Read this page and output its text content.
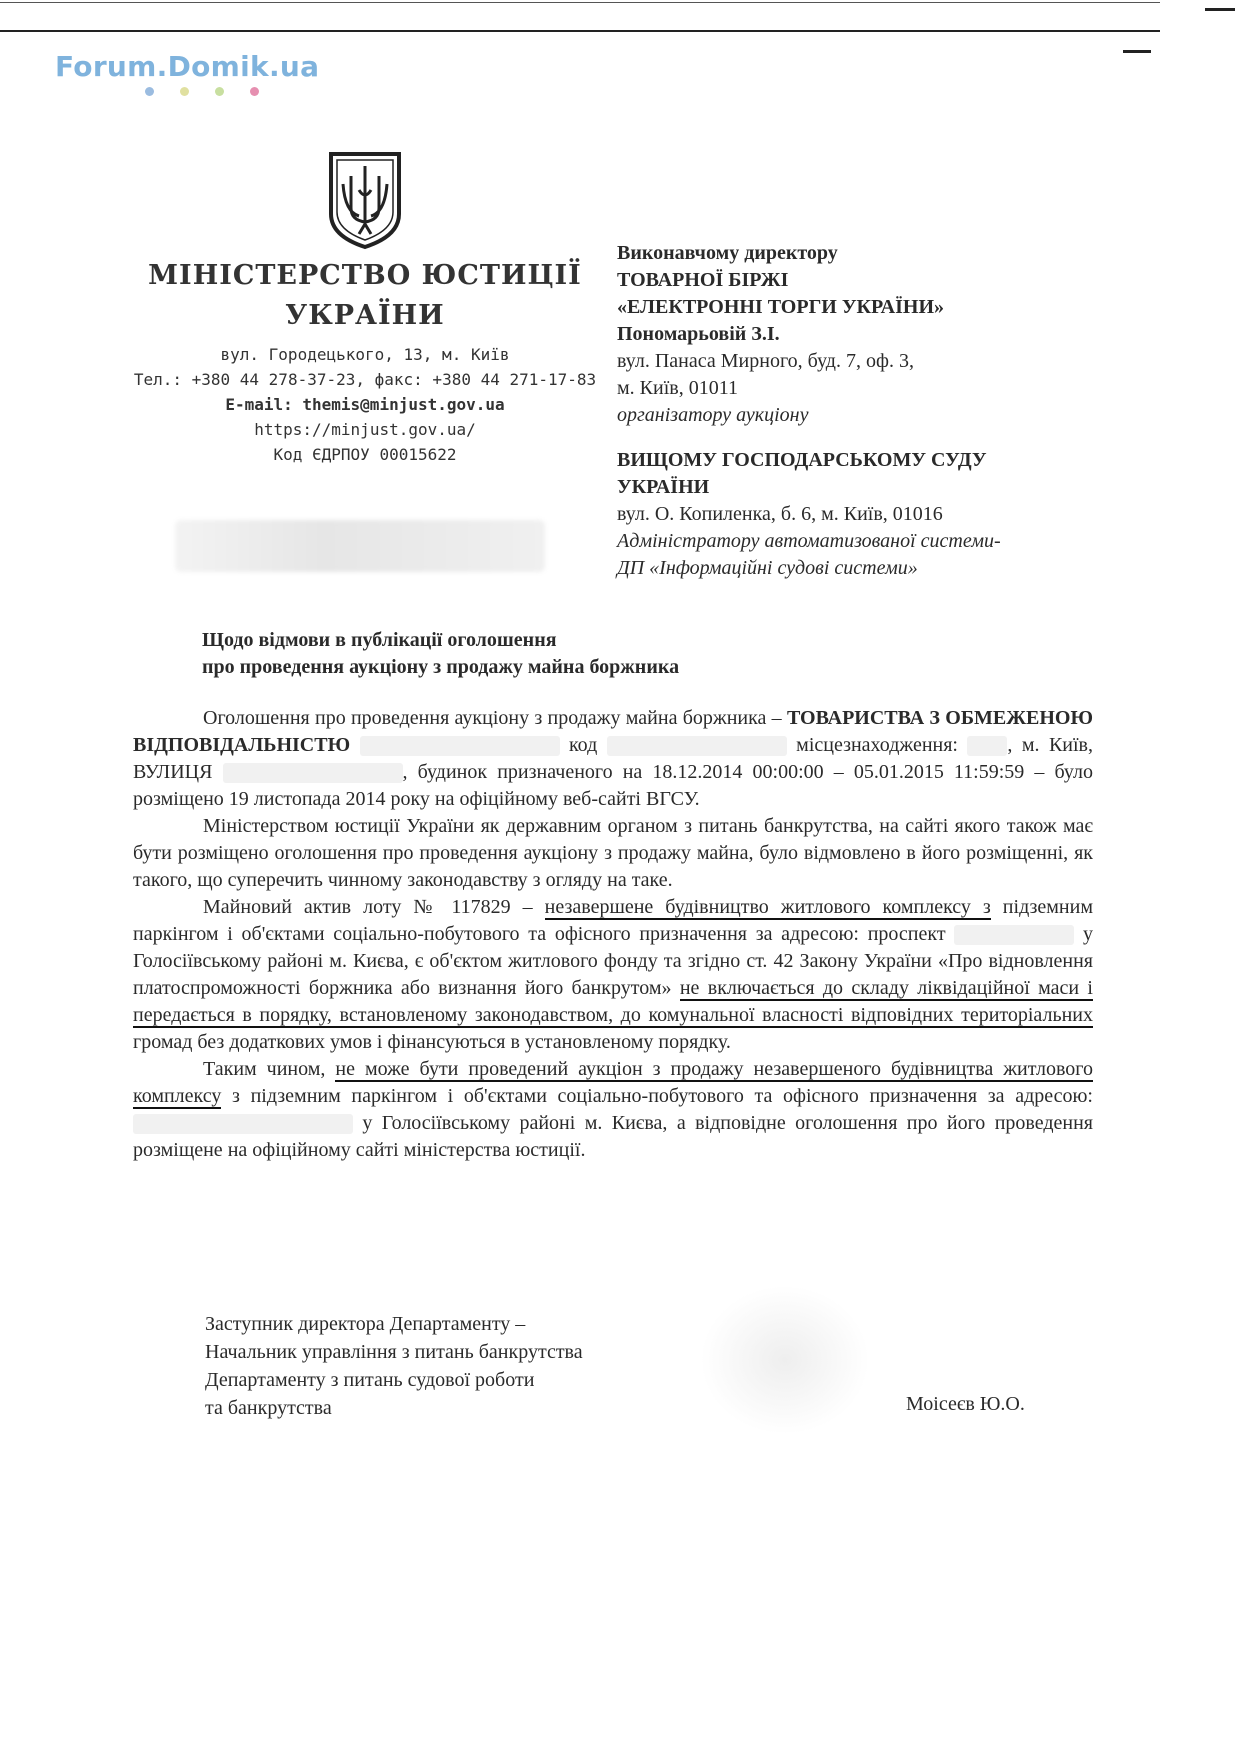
Forum.Domik.ua

МІНІСТЕРСТВО ЮСТИЦІЇ

УКРАЇНИ

вул. Городецького, 13, м. Київ
Тел.: +380 44 278-37-23, факс: +380 44 271-17-83
E-mail: themis@minjust.gov.ua
https://minjust.gov.ua/
Код ЄДРПОУ 00015622

Виконавчому директору

ТОВАРНОЇ БІРЖІ

«ЕЛЕКТРОННІ ТОРГИ УКРАЇНИ»

Пономарьовій З.І.

вул. Панаса Мирного, буд. 7, оф. 3,

м. Київ, 01011

організатору аукціону

ВИЩОМУ ГОСПОДАРСЬКОМУ СУДУ

УКРАЇНИ

вул. О. Копиленка, б. 6, м. Київ, 01016

Адміністратору автоматизованої системи-

ДП «Інформаційні судові системи»

Щодо відмови в публікації оголошення

про проведення аукціону з продажу майна боржника

Оголошення про проведення аукціону з продажу майна боржника – ТОВАРИСТВА З ОБМЕЖЕНОЮ ВІДПОВІДАЛЬНІСТЮ	код	місцезнаходження: , м. Київ, ВУЛИЦЯ	, будинок призначеного на 18.12.2014 00:00:00 – 05.01.2015 11:59:59 – було розміщено 19 листопада 2014 року на офіційному веб-сайті ВГСУ.

Міністерством юстиції України як державним органом з питань банкрутства, на сайті якого також має бути розміщено оголошення про проведення аукціону з продажу майна, було відмовлено в його розміщенні, як такого, що суперечить чинному законодавству з огляду на таке.

Майновий актив лоту № 117829 – незавершене будівництво житлового комплексу з підземним паркінгом і об'єктами соціально-побутового та офісного призначення за адресою: проспект	у Голосіївському районі м. Києва, є об'єктом житлового фонду та згідно ст. 42 Закону України «Про відновлення платоспроможності боржника або визнання його банкрутом» не включається до складу ліквідаційної маси і передається в порядку, встановленому законодавством, до комунальної власності відповідних територіальних громад без додаткових умов і фінансуються в установленому порядку.

Таким чином, не може бути проведений аукціон з продажу незавершеного будівництва житлового комплексу з підземним паркінгом і об'єктами соціально-побутового та офісного призначення за адресою:  у Голосіївському районі м. Києва, а відповідне оголошення про його проведення розміщене на офіційному сайті міністерства юстиції.

Заступник директора Департаменту –

Начальник управління з питань банкрутства

Департаменту з питань судової роботи

та банкрутства	Моісеєв Ю.О.
